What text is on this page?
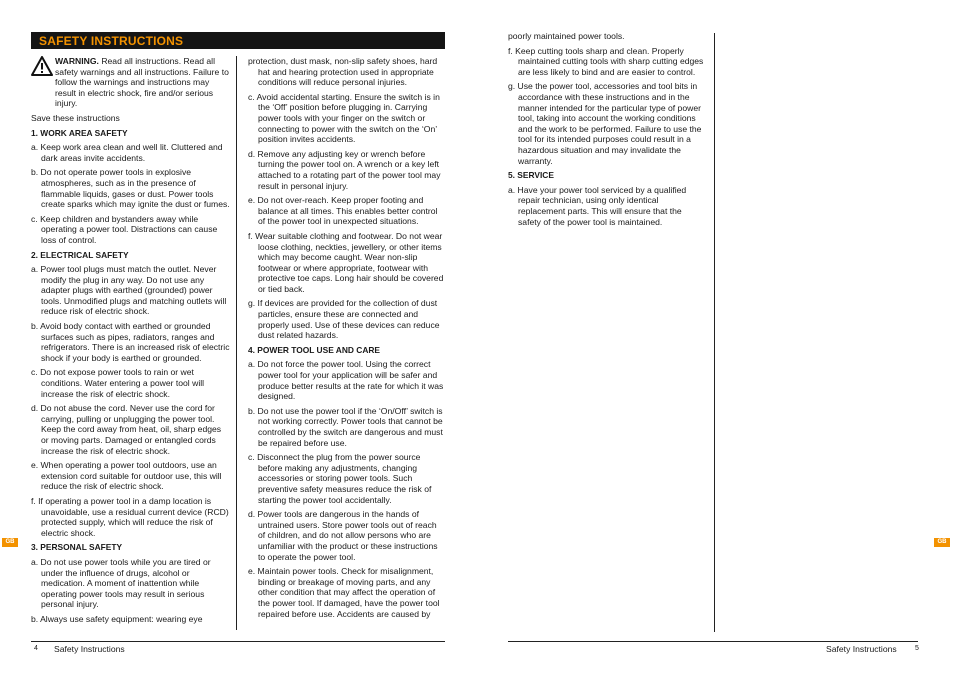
SAFETY INSTRUCTIONS

WARNING. Read all instructions. Read all safety warnings and all instructions. Failure to follow the warnings and instructions may result in electric shock, fire and/or serious injury.

Save these instructions

1. WORK AREA SAFETY
a. Keep work area clean and well lit. Cluttered and dark areas invite accidents.
b. Do not operate power tools in explosive atmospheres, such as in the presence of flammable liquids, gases or dust. Power tools create sparks which may ignite the dust or fumes.
c. Keep children and bystanders away while operating a power tool. Distractions can cause loss of control.
2. ELECTRICAL SAFETY
a. Power tool plugs must match the outlet. Never modify the plug in any way. Do not use any adapter plugs with earthed (grounded) power tools. Unmodified plugs and matching outlets will reduce risk of electric shock.
b. Avoid body contact with earthed or grounded surfaces such as pipes, radiators, ranges and refrigerators. There is an increased risk of electric shock if your body is earthed or grounded.
c. Do not expose power tools to rain or wet conditions. Water entering a power tool will increase the risk of electric shock.
d. Do not abuse the cord. Never use the cord for carrying, pulling or unplugging the power tool. Keep the cord away from heat, oil, sharp edges or moving parts. Damaged or entangled cords increase the risk of electric shock.
e. When operating a power tool outdoors, use an extension cord suitable for outdoor use, this will reduce the risk of electric shock.
f. If operating a power tool in a damp location is unavoidable, use a residual current device (RCD) protected supply, which will reduce the risk of electric shock.
3. PERSONAL SAFETY
a. Do not use power tools while you are tired or under the influence of drugs, alcohol or medication. A moment of inattention while operating power tools may result in serious personal injury.
b. Always use safety equipment: wearing eye
protection, dust mask, non-slip safety shoes, hard hat and hearing protection used in appropriate conditions will reduce personal injuries.
c. Avoid accidental starting. Ensure the switch is in the ‘Off’ position before plugging in. Carrying power tools with your finger on the switch or connecting to power with the switch on the ‘On’ position invites accidents.
d. Remove any adjusting key or wrench before turning the power tool on. A wrench or a key left attached to a rotating part of the power tool may result in personal injury.
e. Do not over-reach. Keep proper footing and balance at all times. This enables better control of the power tool in unexpected situations.
f. Wear suitable clothing and footwear. Do not wear loose clothing, neckties, jewellery, or other items which may become caught. Wear non-slip footwear or where appropriate, footwear with protective toe caps. Long hair should be covered or tied back.
g. If devices are provided for the collection of dust particles, ensure these are connected and properly used. Use of these devices can reduce dust related hazards.
4. POWER TOOL USE AND CARE
a. Do not force the power tool. Using the correct power tool for your application will be safer and produce better results at the rate for which it was designed.
b. Do not use the power tool if the ‘On/Off’ switch is not working correctly. Power tools that cannot be controlled by the switch are dangerous and must be repaired before use.
c. Disconnect the plug from the power source before making any adjustments, changing accessories or storing power tools. Such preventive safety measures reduce the risk of starting the power tool accidentally.
d. Power tools are dangerous in the hands of untrained users. Store power tools out of reach of children, and do not allow persons who are unfamiliar with the product or these instructions to operate the power tool.
e. Maintain power tools. Check for misalignment, binding or breakage of moving parts, and any other condition that may affect the operation of the power tool. If damaged, have the power tool repaired before use. Accidents are caused by
poorly maintained power tools.
f. Keep cutting tools sharp and clean. Properly maintained cutting tools with sharp cutting edges are less likely to bind and are easier to control.
g. Use the power tool, accessories and tool bits in accordance with these instructions and in the manner intended for the particular type of power tool, taking into account the working conditions and the work to be performed. Failure to use the tool for its intended purposes could result in a hazardous situation and may invalidate the warranty.
5. SERVICE
a. Have your power tool serviced by a qualified repair technician, using only identical replacement parts. This will ensure that the safety of the power tool is maintained.
4 Safety Instructions	Safety Instructions	5
GB	GB
